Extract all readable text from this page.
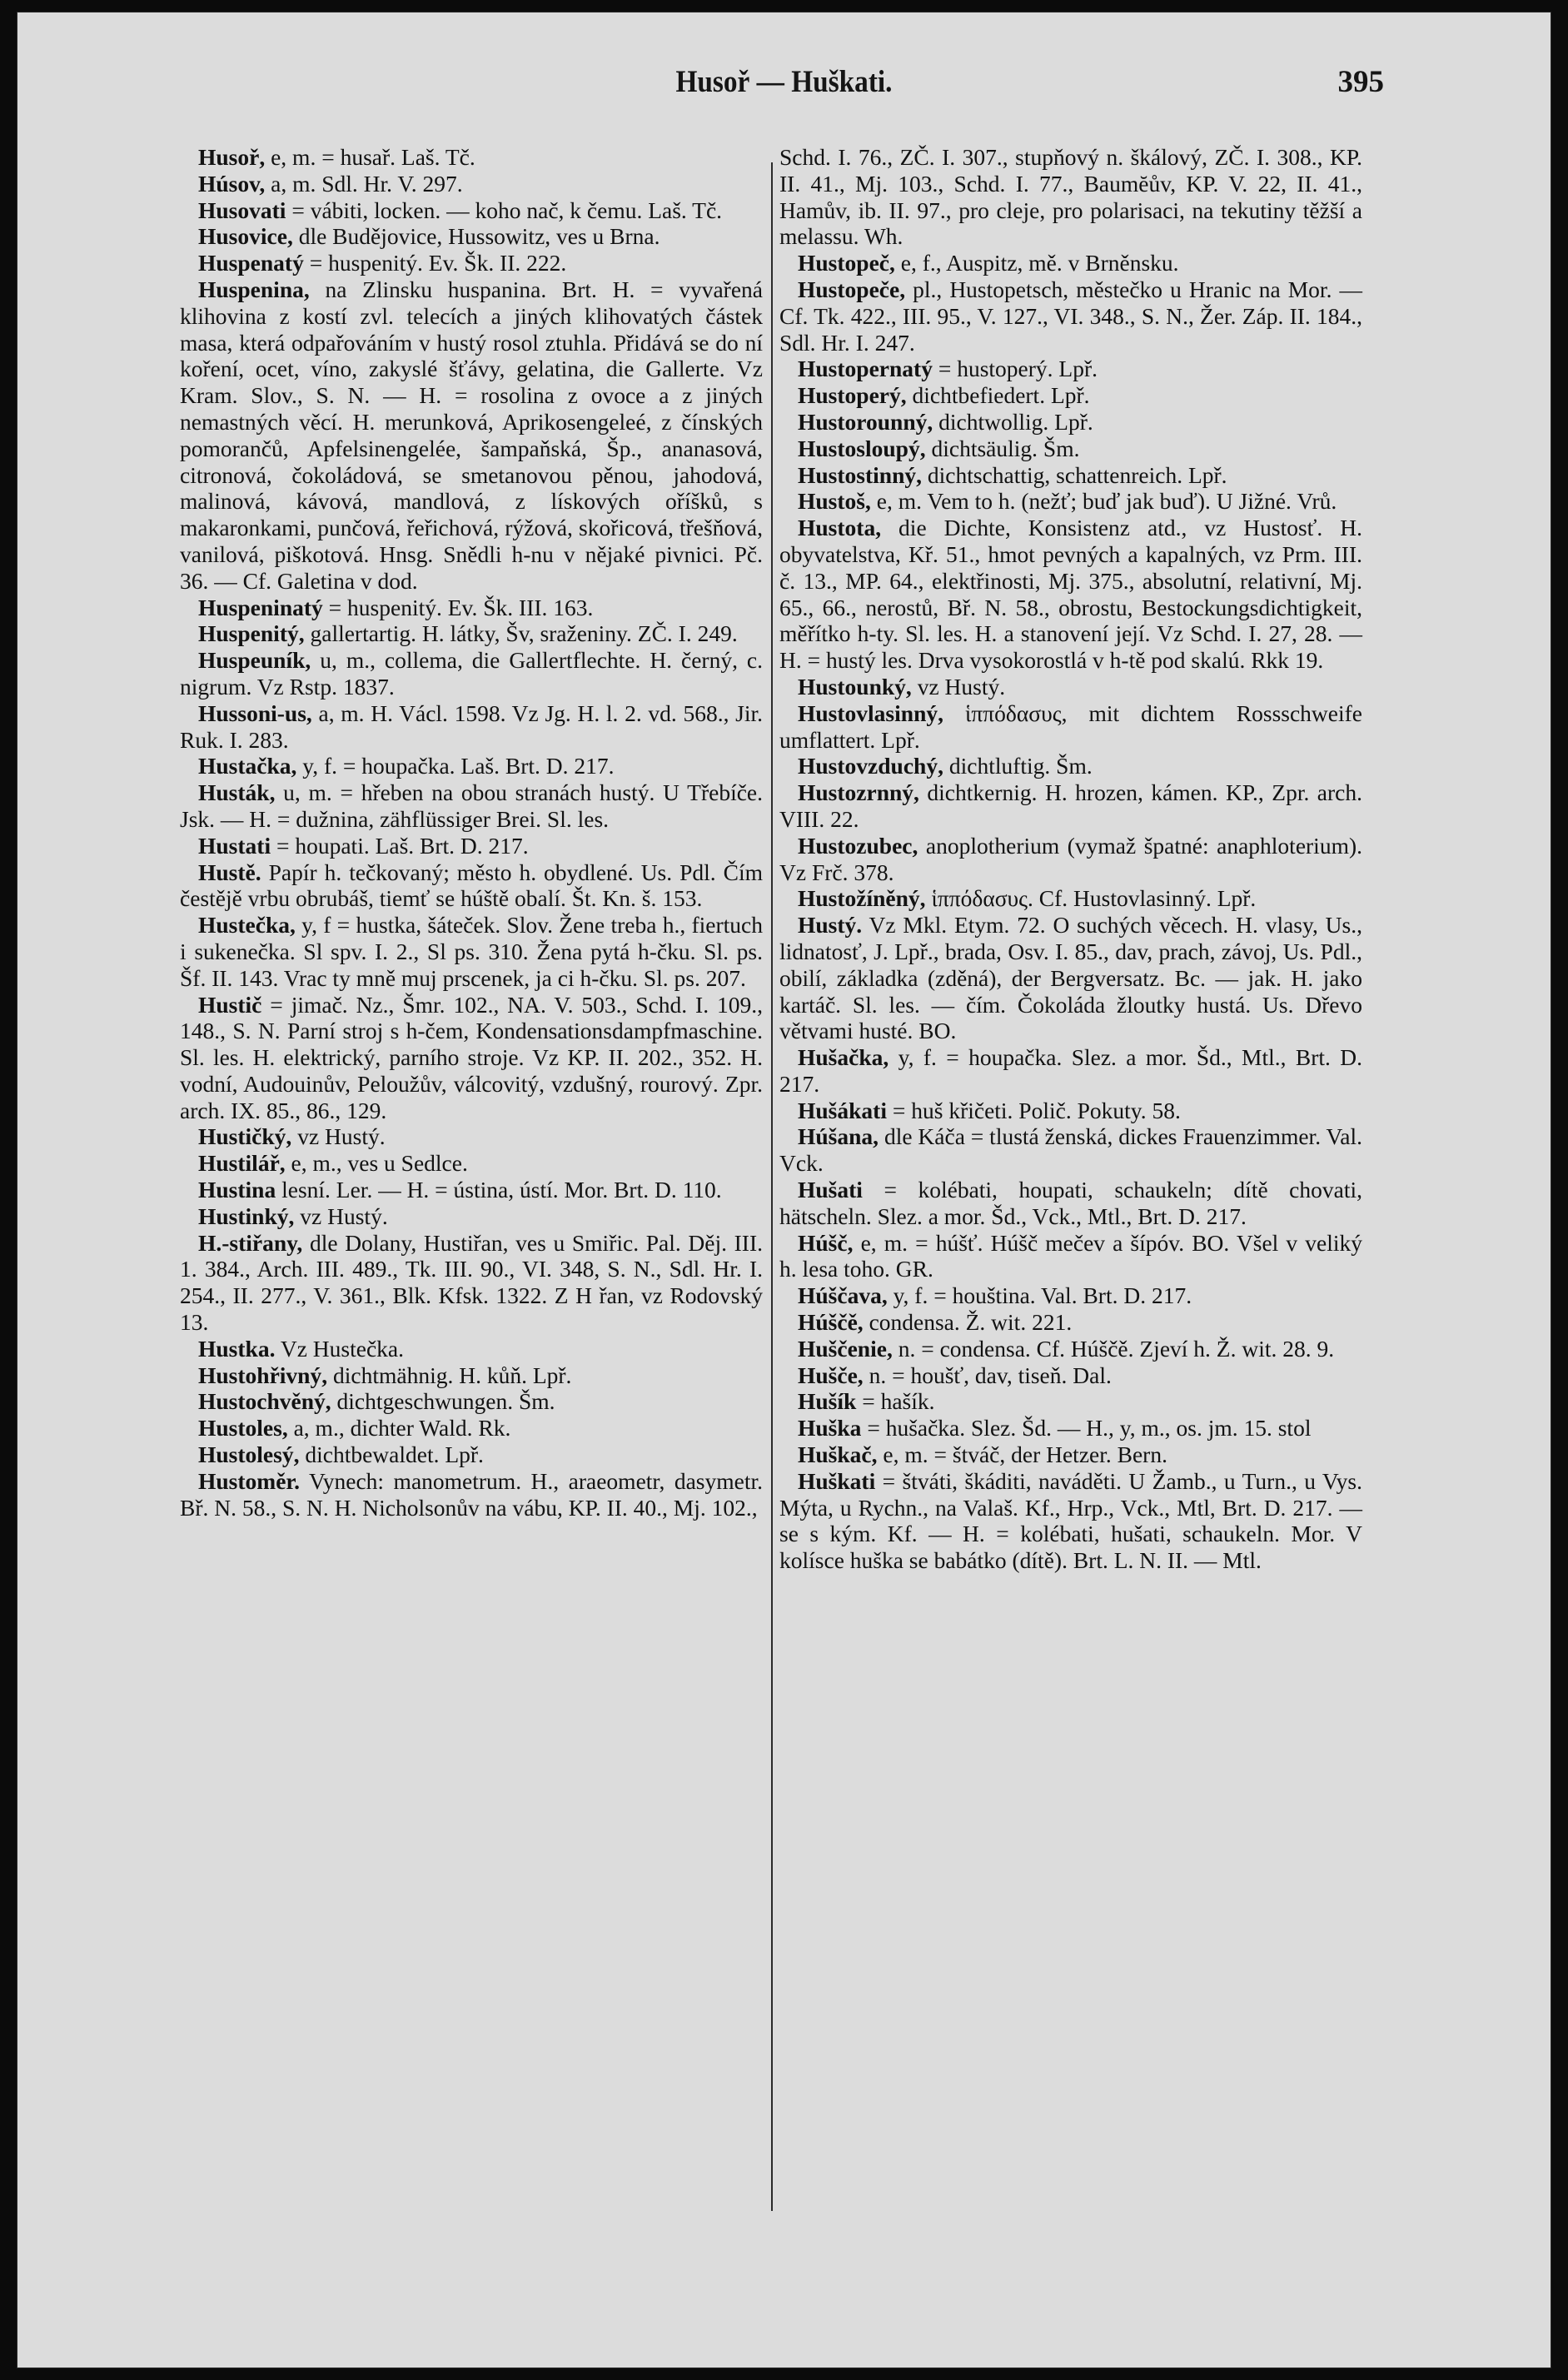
Husoř — Huškati.	395

Husoř, e, m. = husař. Laš. Tč.

Húsov, a, m. Sdl. Hr. V. 297.

Husovati = vábiti, locken. — koho nač, k čemu. Laš. Tč.

Husovice, dle Budějovice, Hussowitz, ves u Brna.

Huspenatý = huspenitý. Ev. Šk. II. 222.

Huspenina, na Zlinsku huspanina. Brt. H. = vyvařená klihovina z kostí zvl. telecích a jiných klihovatých částek masa, která odpařováním v hustý rosol ztuhla. Přidává se do ní koření, ocet, víno, zakyslé šťávy, gelatina, die Gallerte. Vz Kram. Slov., S. N. — H. = rosolina z ovoce a z jiných nemastných věcí. H. merunková, Aprikosengeleé, z čínských pomorančů, Apfelsinengelée, šampaňská, Šp., ananasová, citronová, čokoládová, se smetanovou pěnou, jahodová, malinová, kávová, mandlová, z lískových oříšků, s makaronkami, punčová, řeřichová, rýžová, skořicová, třešňová, vanilová, piškotová. Hnsg. Snědli h-nu v nějaké pivnici. Pč. 36. — Cf. Galetina v dod.

Huspeninatý = huspenitý. Ev. Šk. III. 163.

Huspenitý, gallertartig. H. látky, Šv, sraženiny. ZČ. I. 249.

Huspeuník, u, m., collema, die Gallertflechte. H. černý, c. nigrum. Vz Rstp. 1837.

Hussoni-us, a, m. H. Václ. 1598. Vz Jg. H. l. 2. vd. 568., Jir. Ruk. I. 283.

Hustačka, y, f. = houpačka. Laš. Brt. D. 217.

Husták, u, m. = hřeben na obou stranách hustý. U Třebíče. Jsk. — H. = dužnina, zähflüssiger Brei. Sl. les.

Hustati = houpati. Laš. Brt. D. 217.

Hustě. Papír h. tečkovaný; město h. obydlené. Us. Pdl. Čím čestějě vrbu obrubáš, tiemť se húště obalí. Št. Kn. š. 153.

Hustečka, y, f = hustka, šáteček. Slov. Žene treba h., fiertuch i sukenečka. Sl spv. I. 2., Sl ps. 310. Žena pytá h-čku. Sl. ps. Šf. II. 143. Vrac ty mně muj prscenek, ja ci h-čku. Sl. ps. 207.

Hustič = jimač. Nz., Šmr. 102., NA. V. 503., Schd. I. 109., 148., S. N. Parní stroj s h-čem, Kondensationsdampfmaschine. Sl. les. H. elektrický, parního stroje. Vz KP. II. 202., 352. H. vodní, Audouinův, Peloužův, válcovitý, vzdušný, rourový. Zpr. arch. IX. 85., 86., 129.

Hustičký, vz Hustý.

Hustilář, e, m., ves u Sedlce.

Hustina lesní. Ler. — H. = ústina, ústí. Mor. Brt. D. 110.

Hustinký, vz Hustý.

H.-stiřany, dle Dolany, Hustiřan, ves u Smiřic. Pal. Děj. III. 1. 384., Arch. III. 489., Tk. III. 90., VI. 348, S. N., Sdl. Hr. I. 254., II. 277., V. 361., Blk. Kfsk. 1322. Z H řan, vz Rodovský 13.

Hustka. Vz Hustečka.

Hustohřivný, dichtmähnig. H. kůň. Lpř.

Hustochvěný, dichtgeschwungen. Šm.

Hustoles, a, m., dichter Wald. Rk.

Hustolesý, dichtbewaldet. Lpř.

Hustoměr. Vynech: manometrum. H., araeometr, dasymetr. Bř. N. 58., S. N. H. Nicholsonův na vábu, KP. II. 40., Mj. 102.,

Schd. I. 76., ZČ. I. 307., stupňový n. škálový, ZČ. I. 308., KP. II. 41., Mj. 103., Schd. I. 77., Baumĕův, KP. V. 22, II. 41., Hamův, ib. II. 97., pro cleje, pro polarisaci, na tekutiny těžší a melassu. Wh.

Hustopeč, e, f., Auspitz, mě. v Brněnsku.

Hustopeče, pl., Hustopetsch, městečko u Hranic na Mor. — Cf. Tk. 422., III. 95., V. 127., VI. 348., S. N., Žer. Záp. II. 184., Sdl. Hr. I. 247.

Hustopernatý = hustoperý. Lpř.

Hustoperý, dichtbefiedert. Lpř.

Hustorounný, dichtwollig. Lpř.

Hustosloupý, dichtsäulig. Šm.

Hustostinný, dichtschattig, schattenreich. Lpř.

Hustoš, e, m. Vem to h. (nežť; buď jak buď). U Jižné. Vrů.

Hustota, die Dichte, Konsistenz atd., vz Hustosť. H. obyvatelstva, Kř. 51., hmot pevných a kapalných, vz Prm. III. č. 13., MP. 64., elektřinosti, Mj. 375., absolutní, relativní, Mj. 65., 66., nerostů, Bř. N. 58., obrostu, Bestockungsdichtigkeit, měřítko h-ty. Sl. les. H. a stanovení její. Vz Schd. I. 27, 28. — H. = hustý les. Drva vysokorostlá v h-tě pod skalú. Rkk 19.

Hustounký, vz Hustý.

Hustovlasinný, ἱππόδασυς, mit dichtem Rossschweife umflattert. Lpř.

Hustovzduchý, dichtluftig. Šm.

Hustozrnný, dichtkernig. H. hrozen, kámen. KP., Zpr. arch. VIII. 22.

Hustozubec, anoplotherium (vymaž špatné: anaphloterium). Vz Frč. 378.

Hustožíněný, ἱππόδασυς. Cf. Hustovlasinný. Lpř.

Hustý. Vz Mkl. Etym. 72. O suchých věcech. H. vlasy, Us., lidnatosť, J. Lpř., brada, Osv. I. 85., dav, prach, závoj, Us. Pdl., obilí, základka (zděná), der Bergversatz. Bc. — jak. H. jako kartáč. Sl. les. — čím. Čokoláda žloutky hustá. Us. Dřevo větvami husté. BO.

Hušačka, y, f. = houpačka. Slez. a mor. Šd., Mtl., Brt. D. 217.

Hušákati = huš křičeti. Polič. Pokuty. 58.

Húšana, dle Káča = tlustá ženská, dickes Frauenzimmer. Val. Vck.

Hušati = kolébati, houpati, schaukeln; dítě chovati, hätscheln. Slez. a mor. Šd., Vck., Mtl., Brt. D. 217.

Húšč, e, m. = húšť. Húšč mečev a šípóv. BO. Všel v veliký h. lesa toho. GR.

Húščava, y, f. = houština. Val. Brt. D. 217.

Húščě, condensa. Ž. wit. 221.

Huščenie, n. = condensa. Cf. Húščě. Zjeví h. Ž. wit. 28. 9.

Hušče, n. = houšť, dav, tiseň. Dal.

Hušík = hašík.

Huška = hušačka. Slez. Šd. — H., y, m., os. jm. 15. stol

Huškač, e, m. = štváč, der Hetzer. Bern.

Huškati = štváti, škáditi, naváděti. U Žamb., u Turn., u Vys. Mýta, u Rychn., na Valaš. Kf., Hrp., Vck., Mtl, Brt. D. 217. — se s kým. Kf. — H. = kolébati, hušati, schaukeln. Mor. V kolísce huška se babátko (dítě). Brt. L. N. II. — Mtl.
